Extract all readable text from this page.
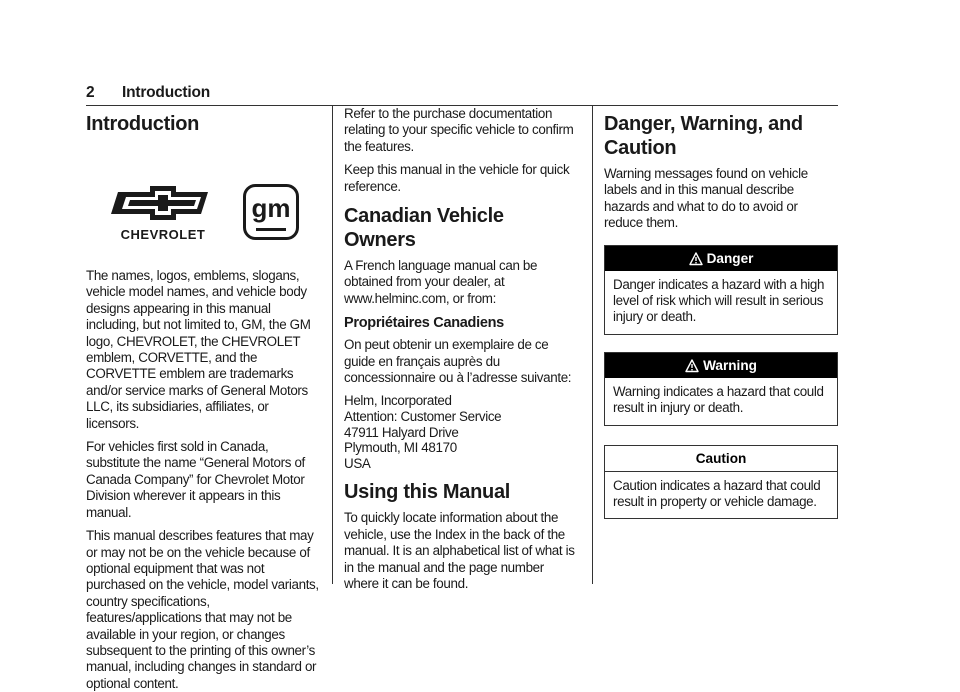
2 Introduction
Introduction
CHEVROLET
gm

The names, logos, emblems, slogans, vehicle model names, and vehicle body designs appearing in this manual including, but not limited to, GM, the GM logo, CHEVROLET, the CHEVROLET emblem, CORVETTE, and the CORVETTE emblem are trademarks and/or service marks of General Motors LLC, its subsidiaries, affiliates, or licensors.

For vehicles first sold in Canada, substitute the name “General Motors of Canada Company” for Chevrolet Motor Division wherever it appears in this manual.

This manual describes features that may or may not be on the vehicle because of optional equipment that was not purchased on the vehicle, model variants, country specifications, features/applications that may not be available in your region, or changes subsequent to the printing of this owner’s manual, including changes in standard or optional content.

Refer to the purchase documentation relating to your specific vehicle to confirm the features.

Keep this manual in the vehicle for quick reference.

Canadian Vehicle Owners

A French language manual can be obtained from your dealer, at www.helminc.com, or from:

Propriétaires Canadiens

On peut obtenir un exemplaire de ce guide en français auprès du concessionnaire ou à l’adresse suivante:

Helm, Incorporated

Attention: Customer Service

47911 Halyard Drive

Plymouth, MI 48170

USA

Using this Manual

To quickly locate information about the vehicle, use the Index in the back of the manual. It is an alphabetical list of what is in the manual and the page number where it can be found.

Danger, Warning, and Caution

Warning messages found on vehicle labels and in this manual describe hazards and what to do to avoid or reduce them.

Danger

Danger indicates a hazard with a high level of risk which will result in serious injury or death.

Warning

Warning indicates a hazard that could result in injury or death.

Caution

Caution indicates a hazard that could result in property or vehicle damage.
